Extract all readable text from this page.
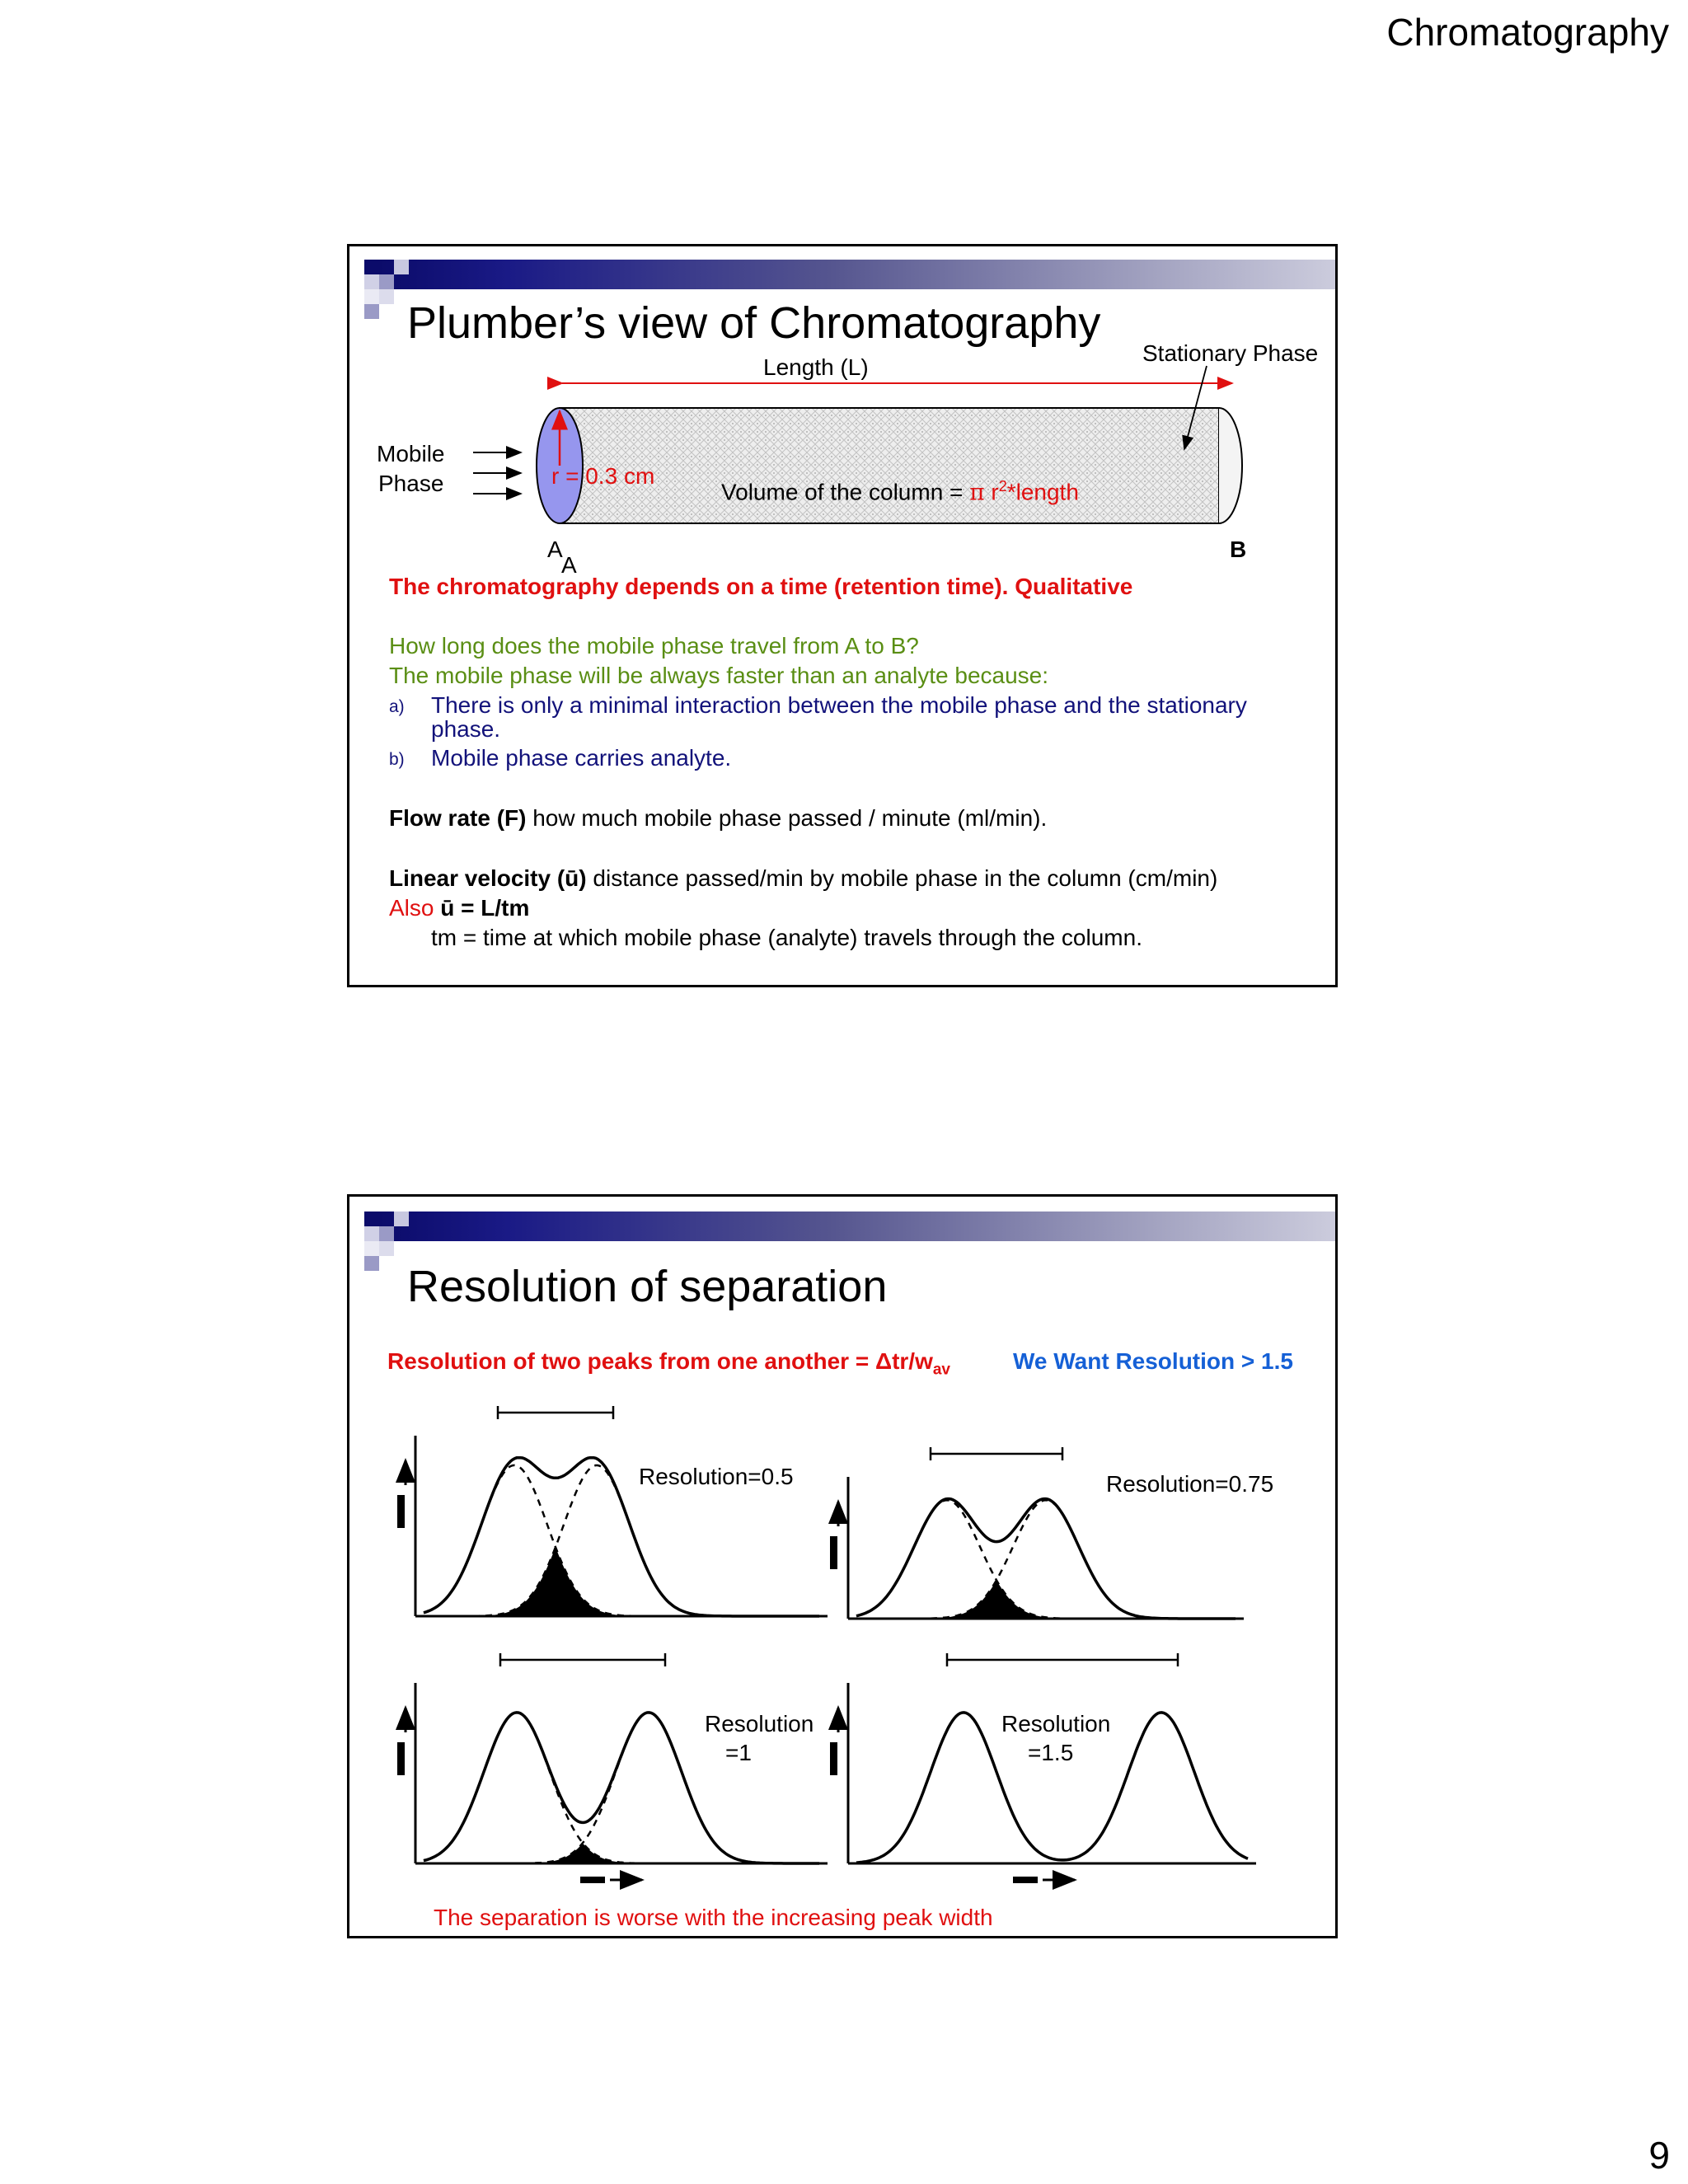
Chromatography
Plumber’s view of Chromatography
Length (L)
Stationary Phase
Mobile
Phase	r = 0.3 cm
Volume of the column = π $r^2*length$
A
A
B
The chromatography depends on a time (retention time). Qualitative
How long does the mobile phase travel from A to B?
The mobile phase will be always faster than an analyte because:
a) There is only a minimal interaction between the mobile phase and the stationary
phase.
b) Mobile phase carries analyte.
Flow rate (F) how much mobile phase passed / minute (ml/min).
Linear velocity (ū) distance passed/min by mobile phase in the column (cm/min)
Also ū = L/tm
tm = time at which mobile phase (analyte) travels through the column.
Resolution of separation
Resolution of two peaks from one another = Δtr/$w_{av}$	We Want Resolution > 1.5
Resolution=0.5	Resolution=0.75
Resolution
=1
Resolution
=1.5
The separation is worse with the increasing peak width
9
